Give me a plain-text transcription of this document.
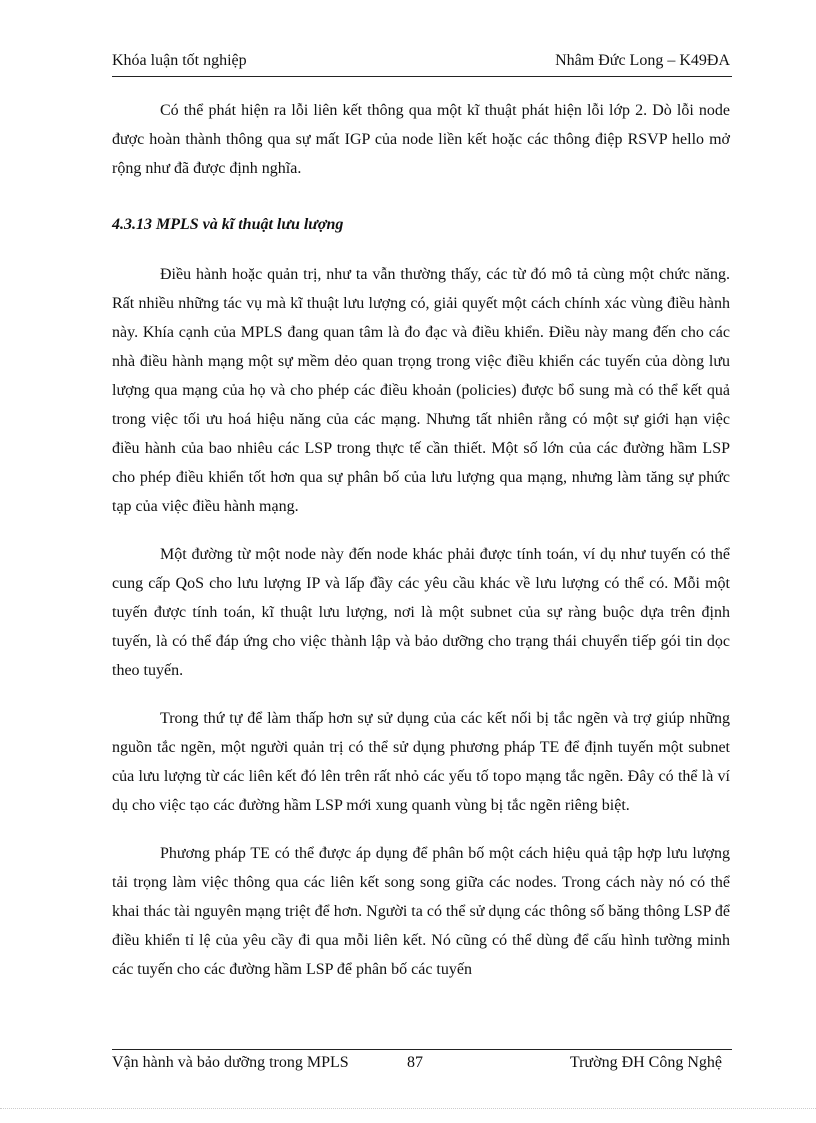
Khóa luận tốt nghiệp	Nhâm Đức Long – K49ĐA

Có thể phát hiện ra lỗi liên kết thông qua một kĩ thuật phát hiện lỗi lớp 2. Dò lỗi node được hoàn thành thông qua sự mất IGP của node liền kết hoặc các thông điệp RSVP hello mở rộng như đã được định nghĩa.

4.3.13 MPLS và kĩ thuật lưu lượng

Điều hành hoặc quản trị, như ta vẫn thường thấy, các từ đó mô tả cùng một chức năng. Rất nhiều những tác vụ mà kĩ thuật lưu lượng có, giải quyết một cách chính xác vùng điều hành này. Khía cạnh của MPLS đang quan tâm là đo đạc và điều khiển. Điều này mang đến cho các nhà điều hành mạng một sự mềm dẻo quan trọng trong việc điều khiển các tuyến của dòng lưu lượng qua mạng của họ và cho phép các điều khoản (policies) được bổ sung mà có thể kết quả trong việc tối ưu hoá hiệu năng của các mạng. Nhưng tất nhiên rằng có một sự giới hạn việc điều hành của bao nhiêu các LSP trong thực tế cần thiết. Một số lớn của các đường hầm LSP cho phép điều khiển tốt hơn qua sự phân bố của lưu lượng qua mạng, nhưng làm tăng sự phức tạp của việc điều hành mạng.

Một đường từ một node này đến node khác phải được tính toán, ví dụ như tuyến có thể cung cấp QoS cho lưu lượng IP và lấp đầy các yêu cầu khác về lưu lượng có thể có. Mỗi một tuyến được tính toán, kĩ thuật lưu lượng, nơi là một subnet của sự ràng buộc dựa trên định tuyến, là có thể đáp ứng cho việc thành lập và bảo dưỡng cho trạng thái chuyển tiếp gói tin dọc theo tuyến.

Trong thứ tự để làm thấp hơn sự sử dụng của các kết nối bị tắc ngẽn và trợ giúp những nguồn tắc ngẽn, một người quản trị có thể sử dụng phương pháp TE để định tuyến một subnet của lưu lượng từ các liên kết đó lên trên rất nhỏ các yếu tố topo mạng tắc ngẽn. Đây có thể là ví dụ cho việc tạo các đường hầm LSP mới xung quanh vùng bị tắc ngẽn riêng biệt.

Phương pháp TE có thể được áp dụng để phân bố một cách hiệu quả tập hợp lưu lượng tải trọng làm việc thông qua các liên kết song song giữa các nodes. Trong cách này nó có thể khai thác tài nguyên mạng triệt để hơn. Người ta có thể sử dụng các thông số băng thông LSP để điều khiển tỉ lệ của yêu cầy đi qua mỗi liên kết. Nó cũng có thể dùng để cấu hình tường minh các tuyến cho các đường hầm LSP để phân bố các tuyến

Vận hành và bảo dưỡng trong MPLS	87	Trường ĐH Công Nghệ
